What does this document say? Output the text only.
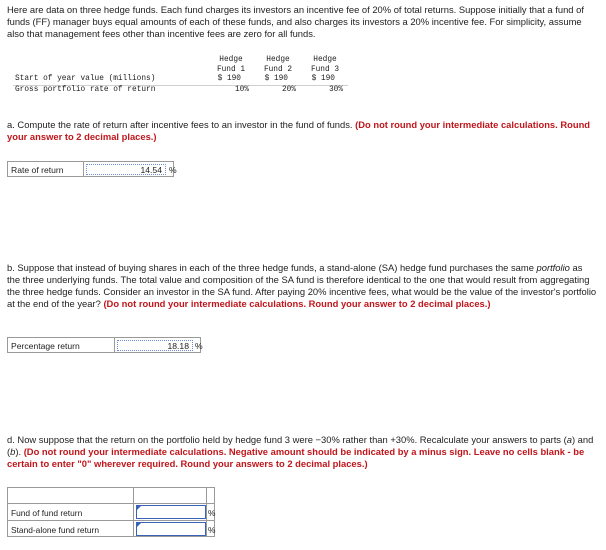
Here are data on three hedge funds. Each fund charges its investors an incentive fee of 20% of total returns. Suppose initially that a fund of funds (FF) manager buys equal amounts of each of these funds, and also charges its investors a 20% incentive fee. For simplicity, assume also that management fees other than incentive fees are zero for all funds.
Hedge
Fund 1
Hedge
Fund 2
Hedge
Fund 3
Start of year value (millions)	$ 190	$ 190	$ 190
Gross portfolio rate of return	10%	20%	30%
a. Compute the rate of return after incentive fees to an investor in the fund of funds. (Do not round your intermediate calculations. Round your answer to 2 decimal places.)
Rate of return	14.54 %
b. Suppose that instead of buying shares in each of the three hedge funds, a stand-alone (SA) hedge fund purchases the same portfolio as the three underlying funds. The total value and composition of the SA fund is therefore identical to the one that would result from aggregating the three hedge funds. Consider an investor in the SA fund. After paying 20% incentive fees, what would be the value of the investor's portfolio at the end of the year? (Do not round your intermediate calculations. Round your answer to 2 decimal places.)
Percentage return	18.18 %
d. Now suppose that the return on the portfolio held by hedge fund 3 were −30% rather than +30%. Recalculate your answers to parts (a) and (b). (Do not round your intermediate calculations. Negative amount should be indicated by a minus sign. Leave no cells blank - be certain to enter "0" wherever required. Round your answers to 2 decimal places.)
Fund of fund return	%
Stand-alone fund return	%
